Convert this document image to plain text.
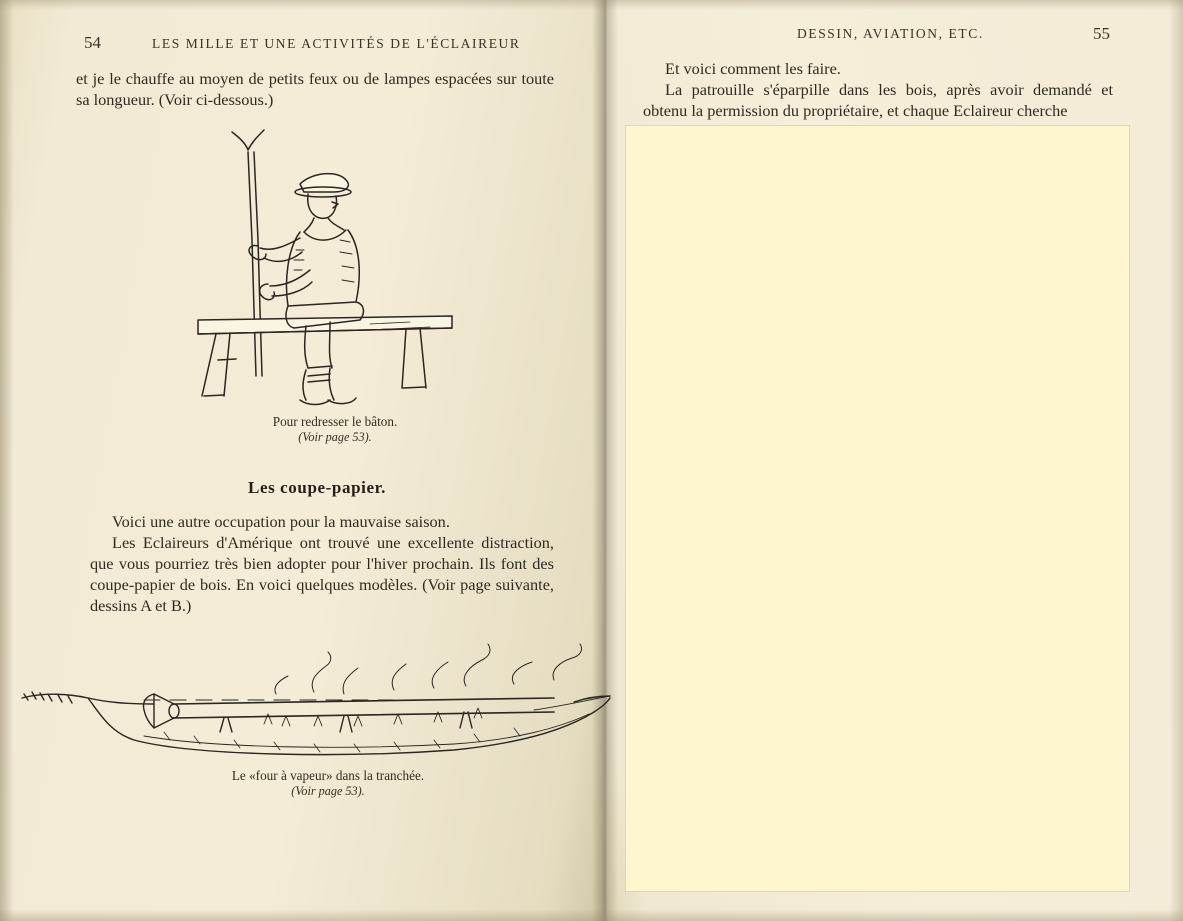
54	LES MILLE ET UNE ACTIVITÉS DE L'ÉCLAIREUR

et je le chauffe au moyen de petits feux ou de lampes espacées sur toute sa longueur. (Voir ci-dessous.)

Pour redresser le bâton.
(Voir page 53).
Les coupe-papier.

Voici une autre occupation pour la mauvaise saison.

Les Eclaireurs d'Amérique ont trouvé une excellente distraction, que vous pourriez très bien adopter pour l'hiver prochain. Ils font des coupe-papier de bois. En voici quelques modèles. (Voir page suivante, dessins A et B.)

Le «four à vapeur» dans la tranchée.
(Voir page 53).
DESSIN, AVIATION, ETC.	55

Et voici comment les faire.

La patrouille s'éparpille dans les bois, après avoir demandé et obtenu la permission du propriétaire, et chaque Eclaireur cherche
